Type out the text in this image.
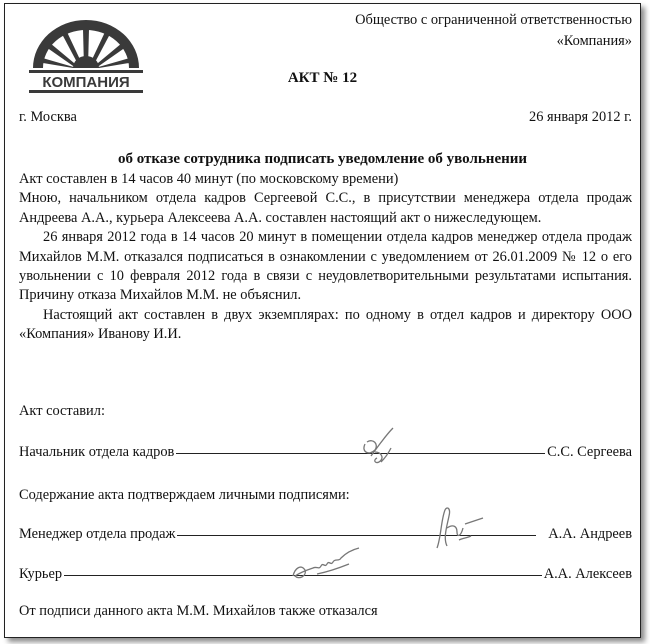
КОМПАНИЯ
Общество с ограниченной ответственностью
«Компания»
АКТ № 12
г. Москва	26 января 2012 г.
об отказе сотрудника подписать уведомление об увольнении

Акт составлен в 14 часов 40 минут (по московскому времени)

Мною, начальником отдела кадров Сергеевой С.С., в присутствии менеджера отдела продаж Андреева А.А., курьера Алексеева А.А. составлен настоящий акт о нижеследующем.

26 января 2012 года в 14 часов 20 минут в помещении отдела кадров менеджер отдела продаж Михайлов М.М. отказался подписаться в ознакомлении с уведомлением от 26.01.2009 № 12 о его увольнении с 10 февраля 2012 года в связи с неудовлетворительными результатами испытания. Причину отказа Михайлов М.М. не объяснил.

Настоящий акт составлен в двух экземплярах: по одному в отдел кадров и директору ООО «Компания» Иванову И.И.

Акт составил:
Начальник отдела кадров	С.С. Сергеева
Содержание акта подтверждаем личными подписями:
Менеджер отдела продаж	А.А. Андреев
Курьер	А.А. Алексеев
От подписи данного акта М.М. Михайлов также отказался
